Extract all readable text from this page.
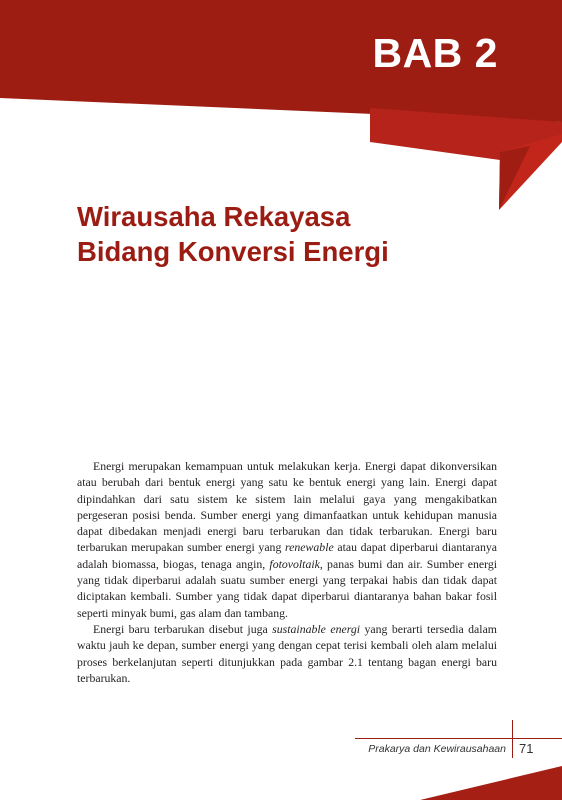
BAB 2
Wirausaha Rekayasa
Bidang Konversi Energi

Energi merupakan kemampuan untuk melakukan kerja. Energi dapat dikonversikan atau berubah dari bentuk energi yang satu ke bentuk energi yang lain. Energi dapat dipindahkan dari satu sistem ke sistem lain melalui gaya yang mengakibatkan pergeseran posisi benda. Sumber energi yang dimanfaatkan untuk kehidupan manusia dapat dibedakan menjadi energi baru terbarukan dan tidak terbarukan. Energi baru terbarukan merupakan sumber energi yang renewable atau dapat diperbarui diantaranya adalah biomassa, biogas, tenaga angin, fotovoltaik, panas bumi dan air. Sumber energi yang tidak diperbarui adalah suatu sumber energi yang terpakai habis dan tidak dapat diciptakan kembali. Sumber yang tidak dapat diperbarui diantaranya bahan bakar fosil seperti minyak bumi, gas alam dan tambang.

Energi baru terbarukan disebut juga sustainable energi yang berarti tersedia dalam waktu jauh ke depan, sumber energi yang dengan cepat terisi kembali oleh alam melalui proses berkelanjutan seperti ditunjukkan pada gambar 2.1 tentang bagan energi baru terbarukan.

Prakarya dan Kewirausahaan 71
